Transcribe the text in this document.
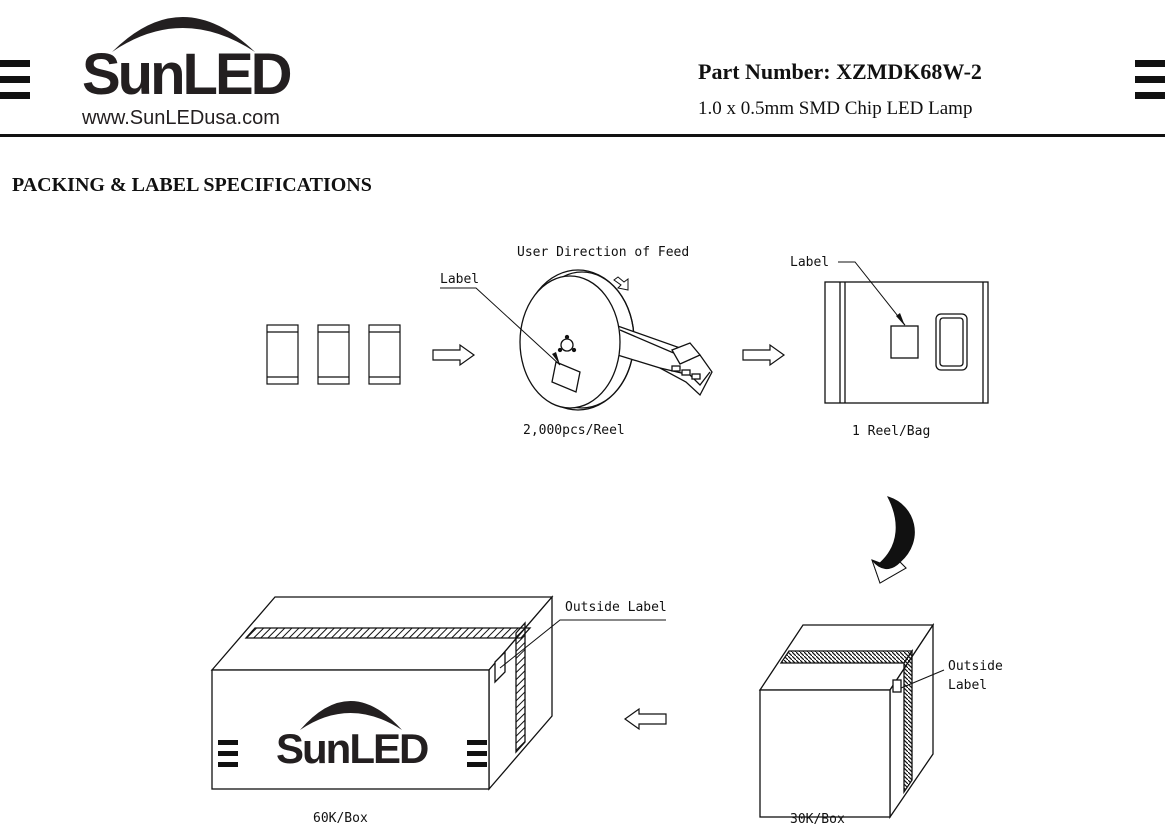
SunLED
www.SunLEDusa.com
Part Number: XZMDK68W-2
1.0 x 0.5mm SMD Chip LED Lamp
PACKING & LABEL SPECIFICATIONS
User Direction of Feed
Label
Label
2,000pcs/Reel	1 Reel/Bag
Outside Label
Outside
Label
60K/Box	30K/Box
SunLED
